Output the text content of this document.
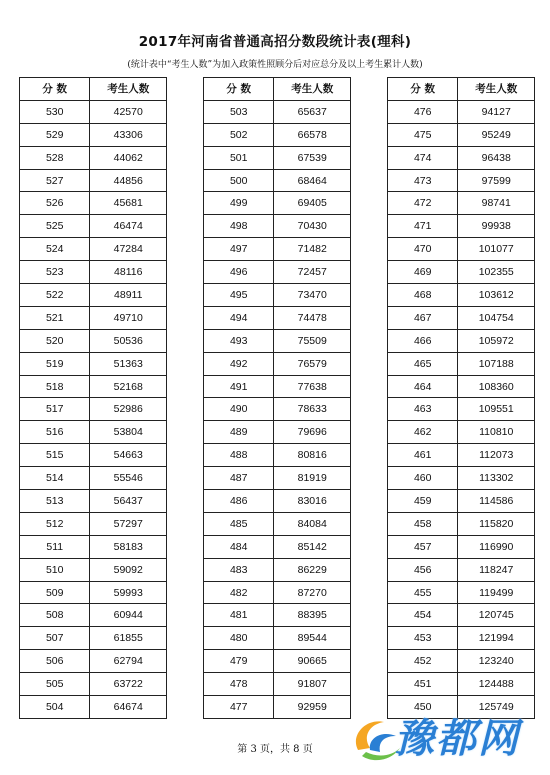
2017年河南省普通高招分数段统计表(理科)
(统计表中“考生人数”为加入政策性照顾分后对应总分及以上考生累计人数)
分 数	考生人数
530	42570
529	43306
528	44062
527	44856
526	45681
525	46474
524	47284
523	48116
522	48911
521	49710
520	50536
519	51363
518	52168
517	52986
516	53804
515	54663
514	55546
513	56437
512	57297
511	58183
510	59092
509	59993
508	60944
507	61855
506	62794
505	63722
504	64674
分 数	考生人数
503	65637
502	66578
501	67539
500	68464
499	69405
498	70430
497	71482
496	72457
495	73470
494	74478
493	75509
492	76579
491	77638
490	78633
489	79696
488	80816
487	81919
486	83016
485	84084
484	85142
483	86229
482	87270
481	88395
480	89544
479	90665
478	91807
477	92959
分 数	考生人数
476	94127
475	95249
474	96438
473	97599
472	98741
471	99938
470	101077
469	102355
468	103612
467	104754
466	105972
465	107188
464	108360
463	109551
462	110810
461	112073
460	113302
459	114586
458	115820
457	116990
456	118247
455	119499
454	120745
453	121994
452	123240
451	124488
450	125749
第 3 页，共 8 页	豫都网
